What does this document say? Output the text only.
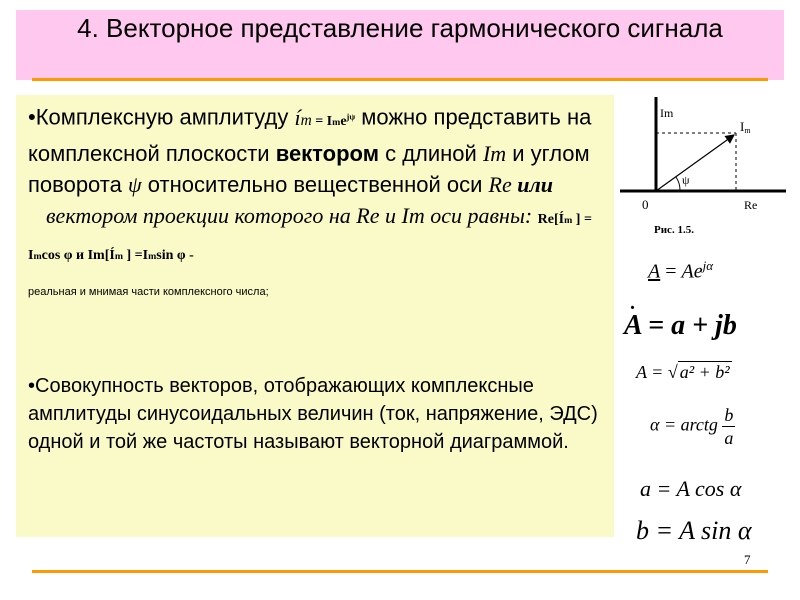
4. Векторное представление гармонического сигнала

•Комплексную амплитуду ím = Ime$^{j\psi}$ можно представить на комплексной плоскости вектором с длиной Im и углом поворота ψ относительно вещественной оси Re или
вектором проекции которого на Re и Im оси равны: Re[Ím ] = Imcos φ и Im[Ím ] =Imsin φ -
реальная и мнимая части комплексного числа;

•Совокупность векторов, отображающих комплексные амплитуды синусоидальных величин (ток, напряжение, ЭДС) одной и той же частоты называют векторной диаграммой.

Im
Im
ψ
0	Re
Рис. 1.5.
$A = Ae^{j\alpha}$
.
A = a + jb
A = √ a² + b²
α = arctg $\frac{b}{a}$
a = A cos α
b = A sin α
7
